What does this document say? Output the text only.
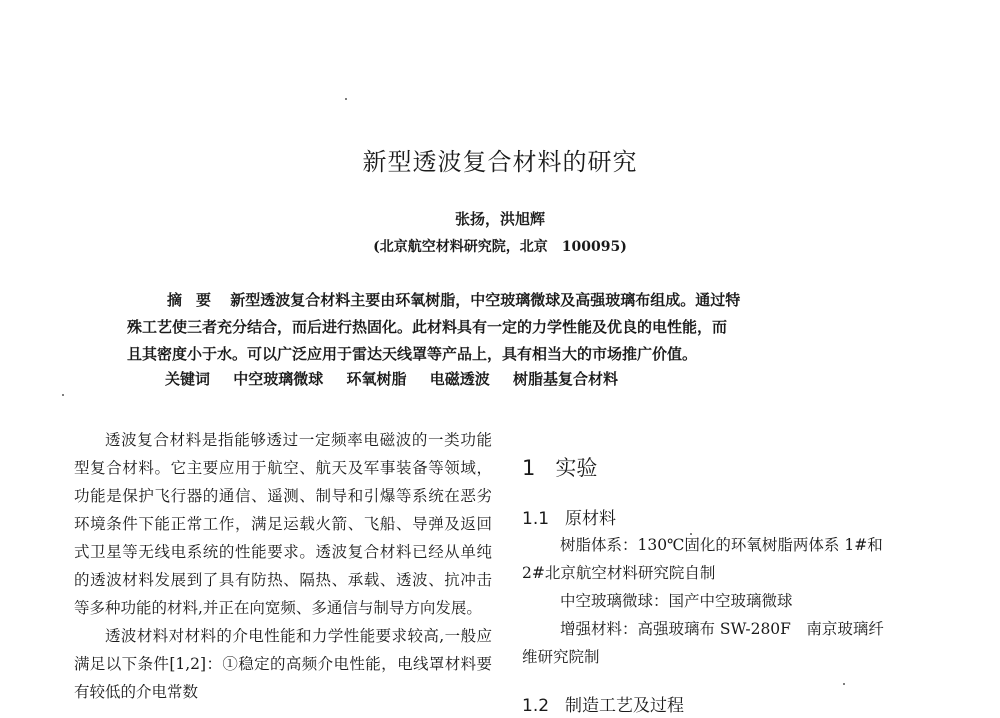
新型透波复合材料的研究

张扬，洪旭辉

(北京航空材料研究院，北京　100095)

摘要 新型透波复合材料主要由环氧树脂，中空玻璃微球及高强玻璃布组成。通过特
殊工艺使三者充分结合，而后进行热固化。此材料具有一定的力学性能及优良的电性能，而
且其密度小于水。可以广泛应用于雷达天线罩等产品上，具有相当大的市场推广价值。

关键词 中空玻璃微球 环氧树脂 电磁透波 树脂基复合材料

透波复合材料是指能够透过一定频率电磁波的一类功能型复合材料。它主要应用于航空、航天及军事装备等领域，功能是保护飞行器的通信、遥测、制导和引爆等系统在恶劣环境条件下能正常工作，满足运载火箭、飞船、导弹及返回式卫星等无线电系统的性能要求。透波复合材料已经从单纯的透波材料发展到了具有防热、隔热、承载、透波、抗冲击等多种功能的材料,并正在向宽频、多通信与制导方向发展。

透波材料对材料的介电性能和力学性能要求较高,一般应满足以下条件[1,2]：①稳定的高频介电性能，电线罩材料要有较低的介电常数

1 实验
1.1 原材料

树脂体系：130℃固化的环氧树脂两体系 1#和

2#北京航空材料研究院自制

中空玻璃微球：国产中空玻璃微球

增强材料：高强玻璃布 SW-280F　南京玻璃纤

维研究院制

1.2 制造工艺及过程
